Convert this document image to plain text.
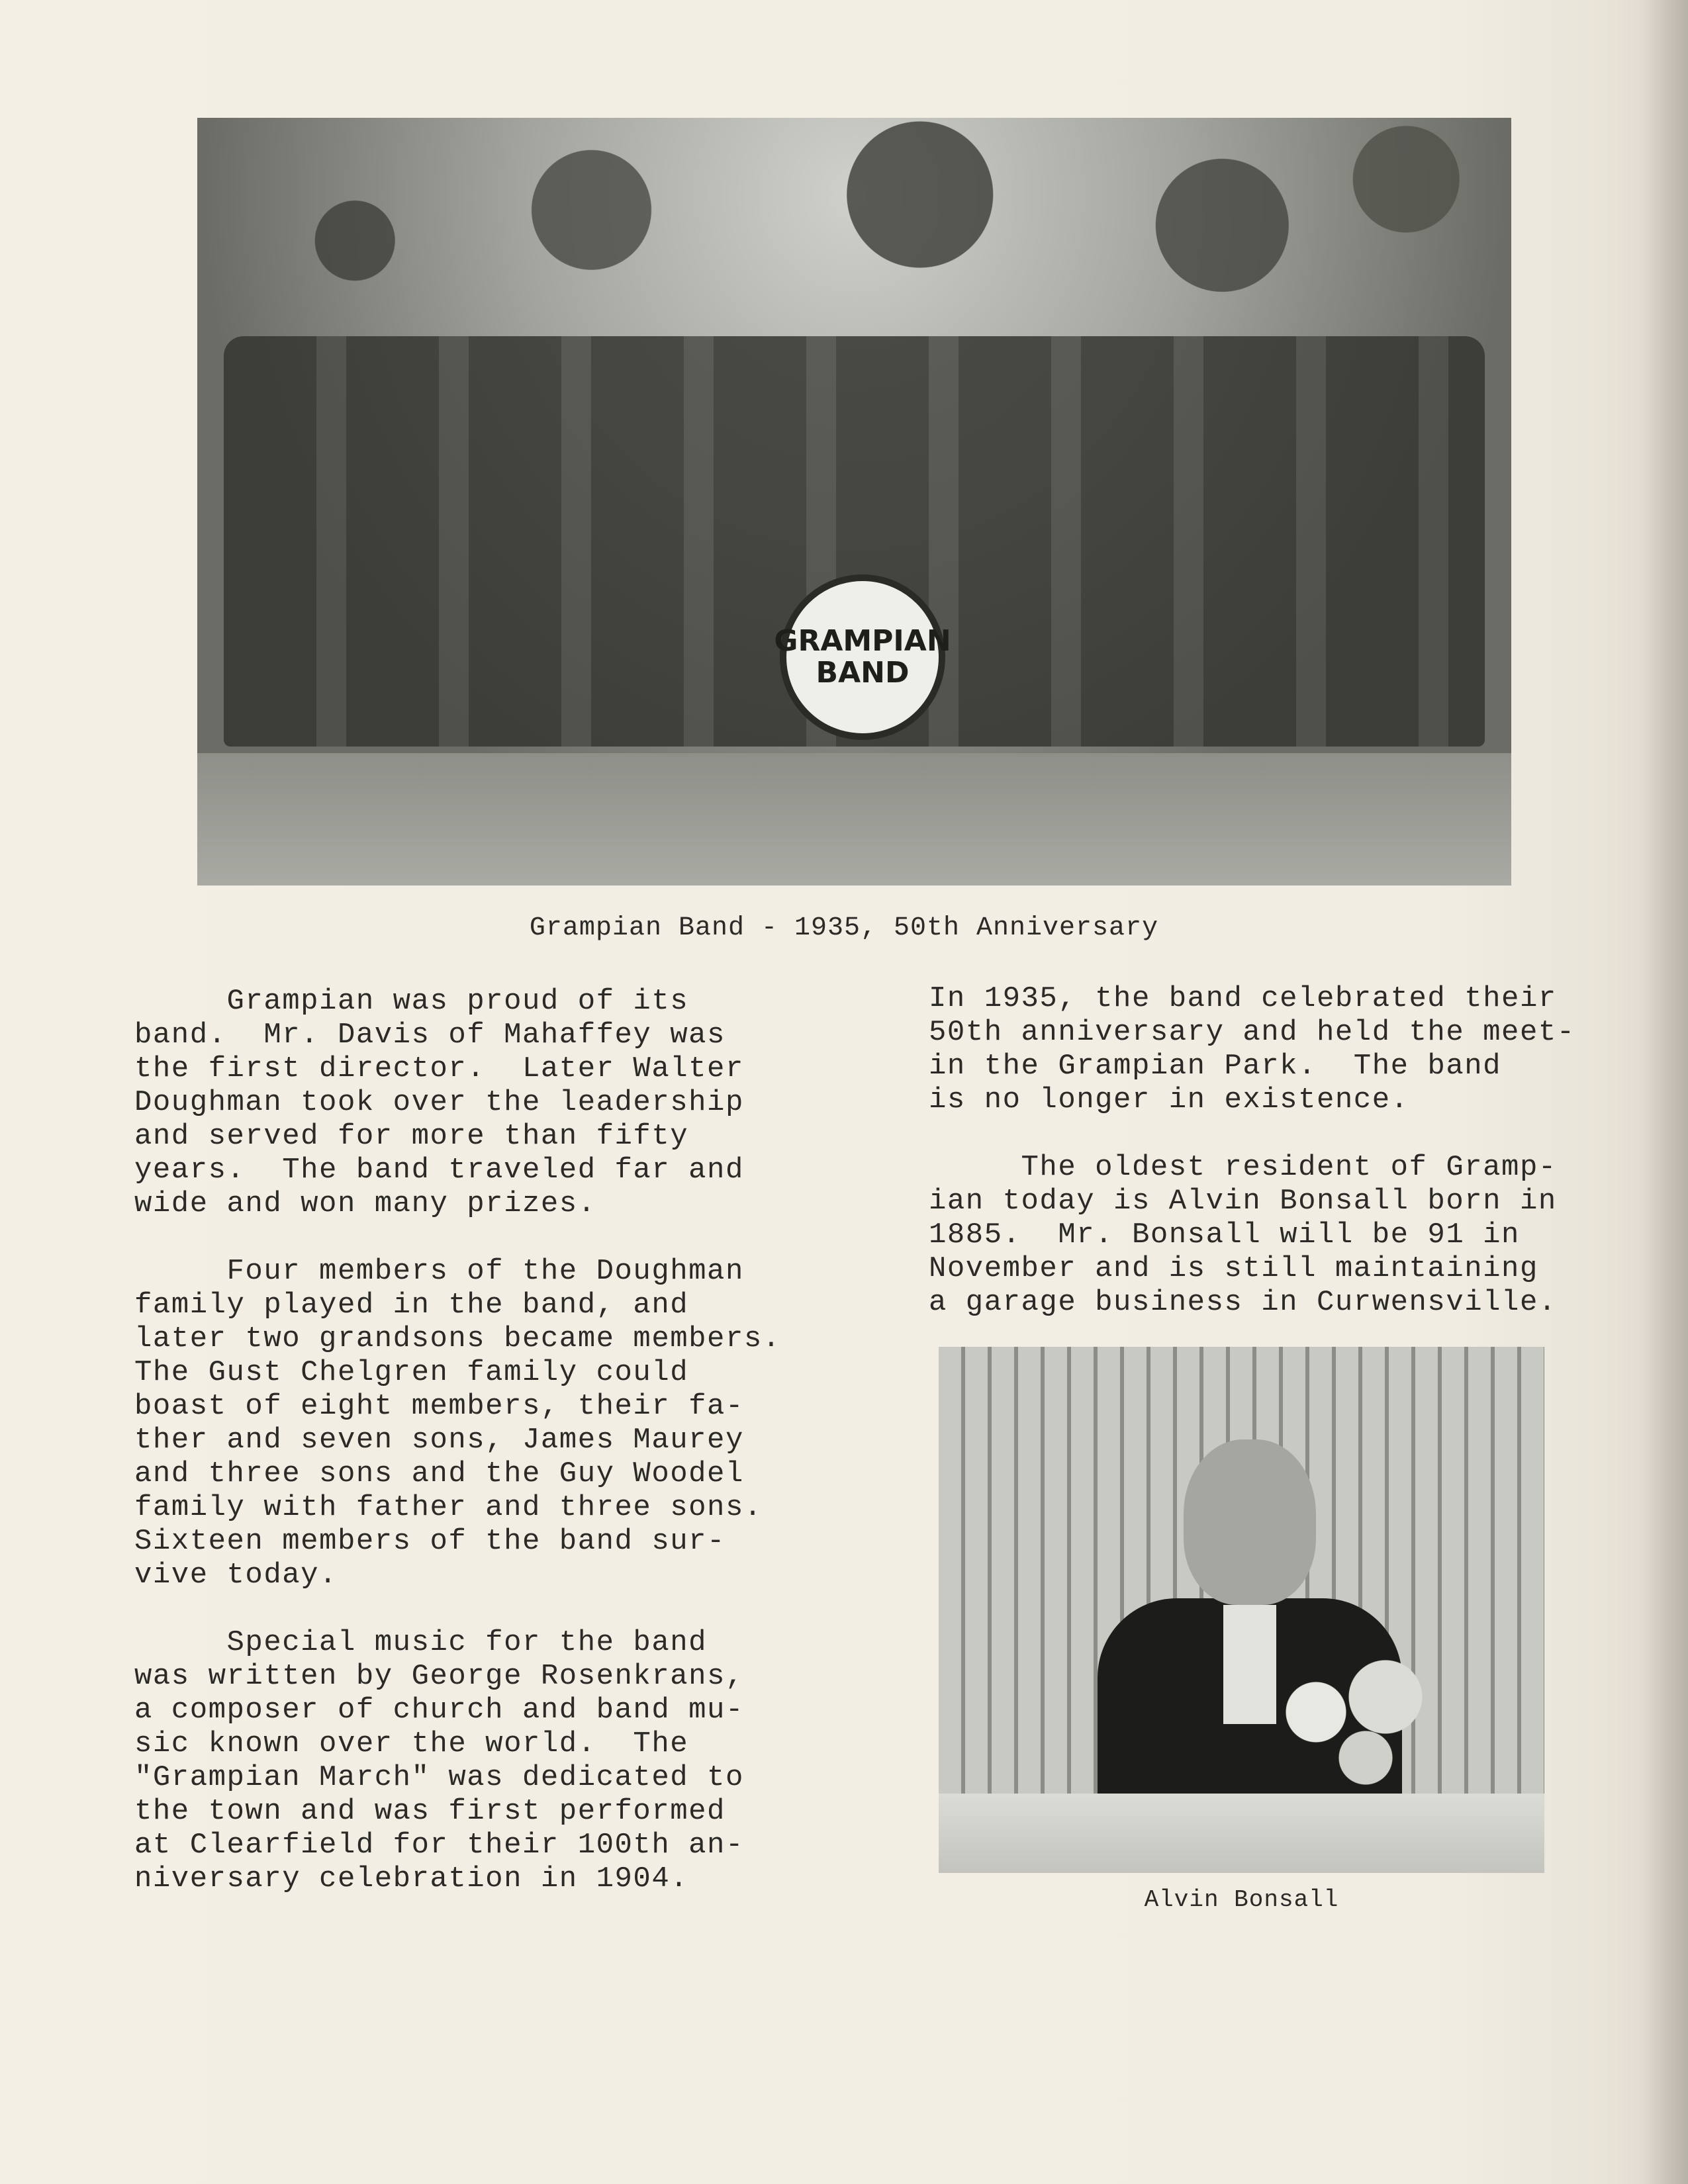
GRAMPIAN
BAND
Grampian Band - 1935, 50th Anniversary
Grampian was proud of its
band.  Mr. Davis of Mahaffey was
the first director.  Later Walter
Doughman took over the leadership
and served for more than fifty
years.  The band traveled far and
wide and won many prizes.

Four members of the Doughman
family played in the band, and
later two grandsons became members.
The Gust Chelgren family could
boast of eight members, their fa-
ther and seven sons, James Maurey
and three sons and the Guy Woodel
family with father and three sons.
Sixteen members of the band sur-
vive today.

Special music for the band
was written by George Rosenkrans,
a composer of church and band mu-
sic known over the world.  The
"Grampian March" was dedicated to
the town and was first performed
at Clearfield for their 100th an-
niversary celebration in 1904.
In 1935, the band celebrated their
50th anniversary and held the meet-
in the Grampian Park.  The band
is no longer in existence.

The oldest resident of Gramp-
ian today is Alvin Bonsall born in
1885.  Mr. Bonsall will be 91 in
November and is still maintaining
a garage business in Curwensville.
Alvin Bonsall
